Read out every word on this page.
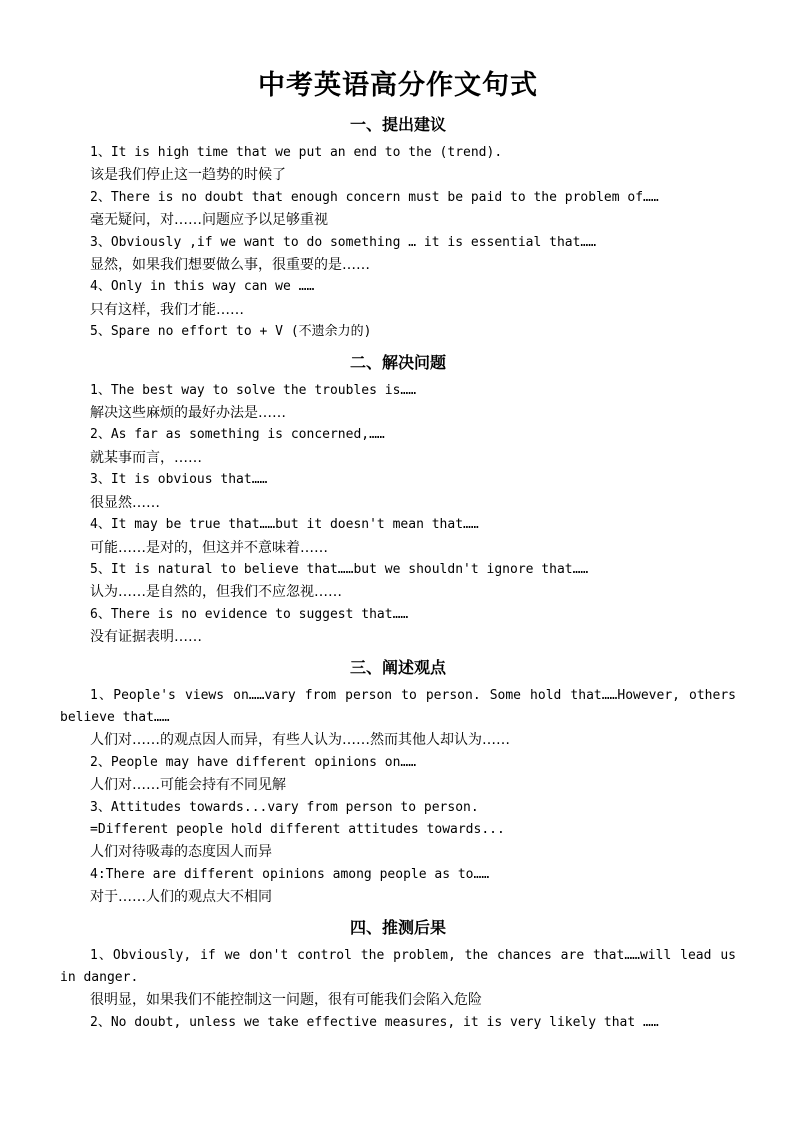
中考英语高分作文句式
一、提出建议
1、It is high time that we put an end to the (trend).
该是我们停止这一趋势的时候了
2、There is no doubt that enough concern must be paid to the problem of……
毫无疑问，对……问题应予以足够重视
3、Obviously ,if we want to do something … it is essential that……
显然，如果我们想要做么事，很重要的是……
4、Only in this way can we ……
只有这样，我们才能……
5、Spare no effort to + V (不遗余力的)
二、解决问题
1、The best way to solve the troubles is……
解决这些麻烦的最好办法是……
2、As far as something is concerned,……
就某事而言，……
3、It is obvious that……
很显然……
4、It may be true that……but it doesn't mean that……
可能……是对的，但这并不意味着……
5、It is natural to believe that……but we shouldn't ignore that……
认为……是自然的，但我们不应忽视……
6、There is no evidence to suggest that……
没有证据表明……
三、阐述观点
1、People's views on……vary from person to person. Some hold that……However, others believe that……
人们对……的观点因人而异，有些人认为……然而其他人却认为……
2、People may have different opinions on……
人们对……可能会持有不同见解
3、Attitudes towards...vary from person to person.
=Different people hold different attitudes towards...
人们对待吸毒的态度因人而异
4:There are different opinions among people as to……
对于……人们的观点大不相同
四、推测后果
1、Obviously, if we don't control the problem, the chances are that……will lead us in danger.
很明显，如果我们不能控制这一问题，很有可能我们会陷入危险
2、No doubt, unless we take effective measures, it is very likely that ……
